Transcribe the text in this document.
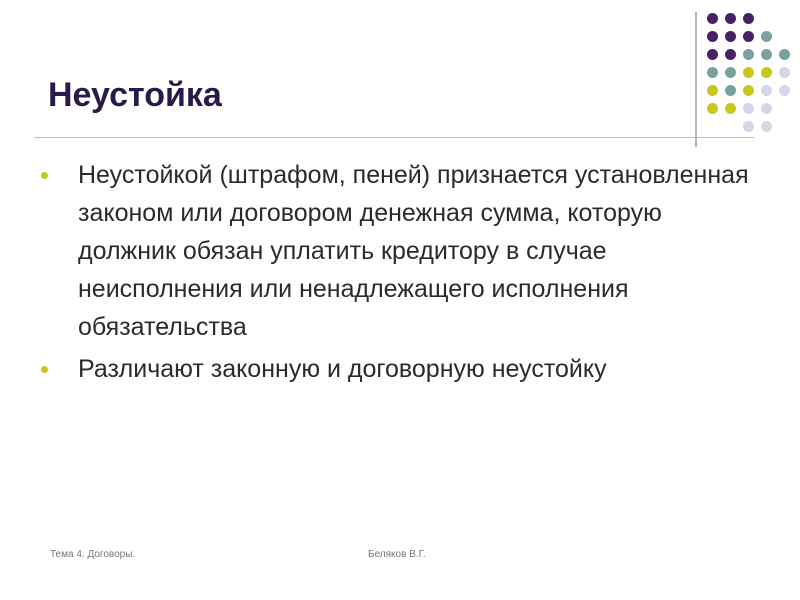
Неустойка
Неустойкой (штрафом, пеней) признается установленная законом или договором денежная сумма, которую должник обязан уплатить кредитору в случае неисполнения или ненадлежащего исполнения обязательства
Различают законную и договорную неустойку
Тема 4. Договоры.	Беляков В.Г.
